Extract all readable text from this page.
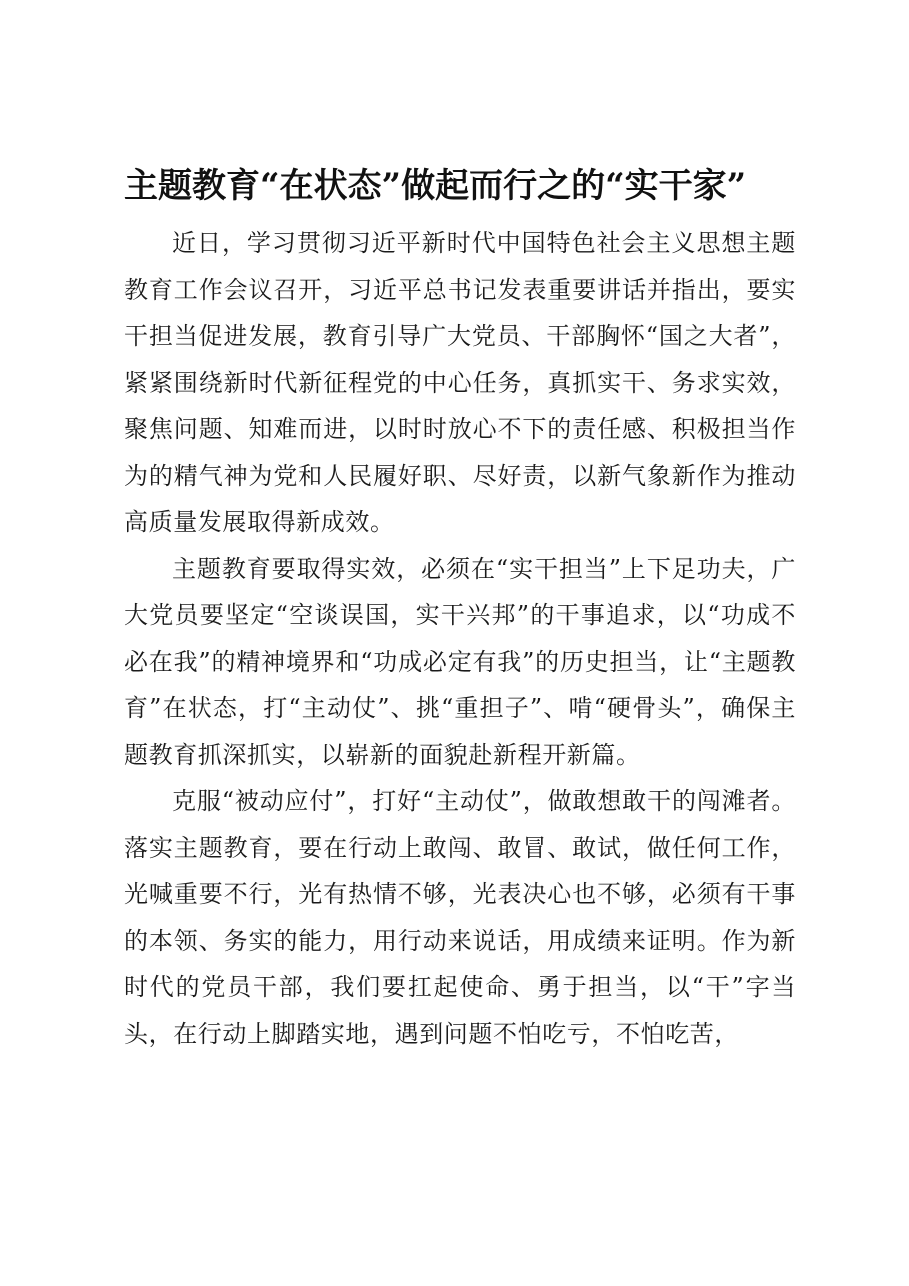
主题教育“在状态”做起而行之的“实干家”

近日，学习贯彻习近平新时代中国特色社会主义思想主题教育工作会议召开，习近平总书记发表重要讲话并指出，要实干担当促进发展，教育引导广大党员、干部胸怀“国之大者”，紧紧围绕新时代新征程党的中心任务，真抓实干、务求实效，聚焦问题、知难而进，以时时放心不下的责任感、积极担当作为的精气神为党和人民履好职、尽好责，以新气象新作为推动高质量发展取得新成效。

主题教育要取得实效，必须在“实干担当”上下足功夫，广大党员要坚定“空谈误国，实干兴邦”的干事追求，以“功成不必在我”的精神境界和“功成必定有我”的历史担当，让“主题教育”在状态，打“主动仗”、挑“重担子”、啃“硬骨头”，确保主题教育抓深抓实，以崭新的面貌赴新程开新篇。

克服“被动应付”，打好“主动仗”，做敢想敢干的闯滩者。落实主题教育，要在行动上敢闯、敢冒、敢试，做任何工作，光喊重要不行，光有热情不够，光表决心也不够，必须有干事的本领、务实的能力，用行动来说话，用成绩来证明。作为新时代的党员干部，我们要扛起使命、勇于担当，以“干”字当头，在行动上脚踏实地，遇到问题不怕吃亏，不怕吃苦，
